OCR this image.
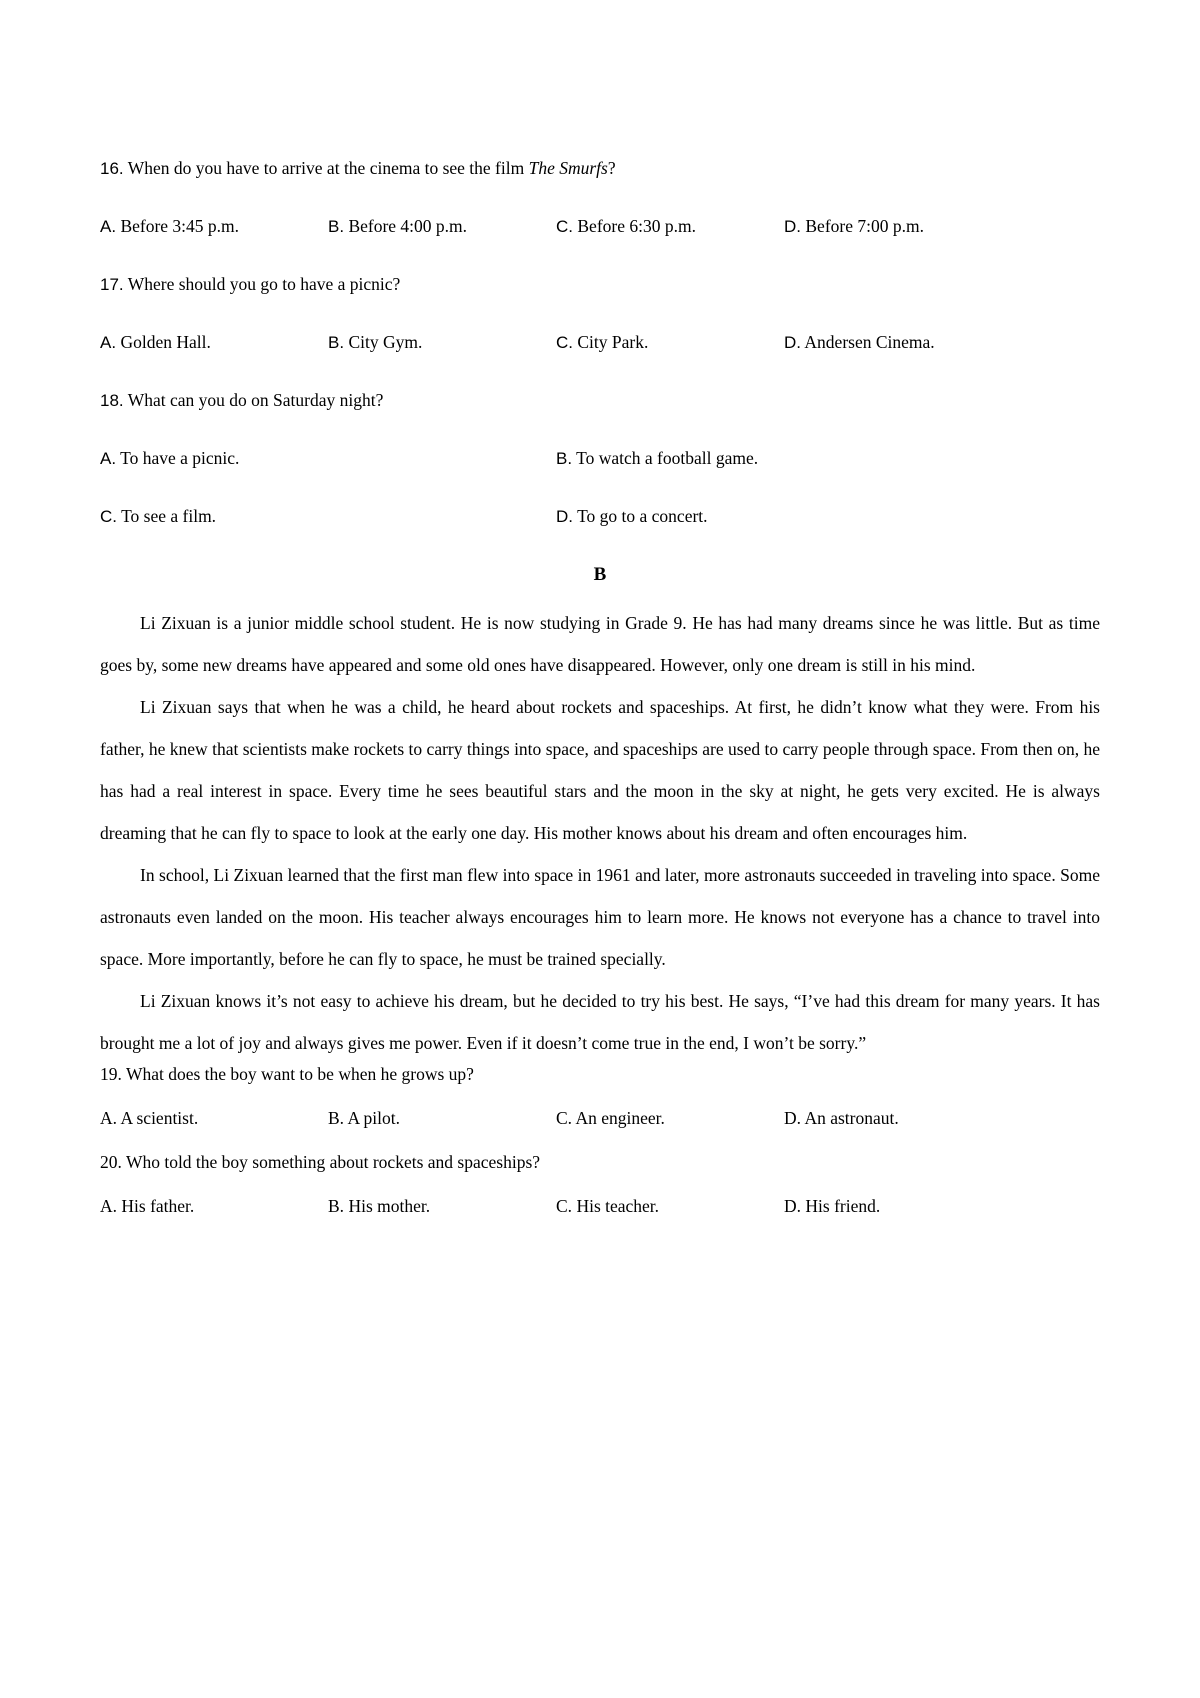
16. When do you have to arrive at the cinema to see the film The Smurfs?
A. Before 3:45 p.m.	B. Before 4:00 p.m.	C. Before 6:30 p.m.	D. Before 7:00 p.m.
17. Where should you go to have a picnic?
A. Golden Hall.	B. City Gym.	C. City Park.	D. Andersen Cinema.
18. What can you do on Saturday night?
A. To have a picnic.	B. To watch a football game.
C. To see a film.	D. To go to a concert.
B

Li Zixuan is a junior middle school student. He is now studying in Grade 9. He has had many dreams since he was little. But as time goes by, some new dreams have appeared and some old ones have disappeared. However, only one dream is still in his mind.

Li Zixuan says that when he was a child, he heard about rockets and spaceships. At first, he didn’t know what they were. From his father, he knew that scientists make rockets to carry things into space, and spaceships are used to carry people through space. From then on, he has had a real interest in space. Every time he sees beautiful stars and the moon in the sky at night, he gets very excited. He is always dreaming that he can fly to space to look at the early one day. His mother knows about his dream and often encourages him.

In school, Li Zixuan learned that the first man flew into space in 1961 and later, more astronauts succeeded in traveling into space. Some astronauts even landed on the moon. His teacher always encourages him to learn more. He knows not everyone has a chance to travel into space. More importantly, before he can fly to space, he must be trained specially.

Li Zixuan knows it’s not easy to achieve his dream, but he decided to try his best. He says, “I’ve had this dream for many years. It has brought me a lot of joy and always gives me power. Even if it doesn’t come true in the end, I won’t be sorry.”

19. What does the boy want to be when he grows up?
A. A scientist.	B. A pilot.	C. An engineer.	D. An astronaut.
20. Who told the boy something about rockets and spaceships?
A. His father.	B. His mother.	C. His teacher.	D. His friend.
